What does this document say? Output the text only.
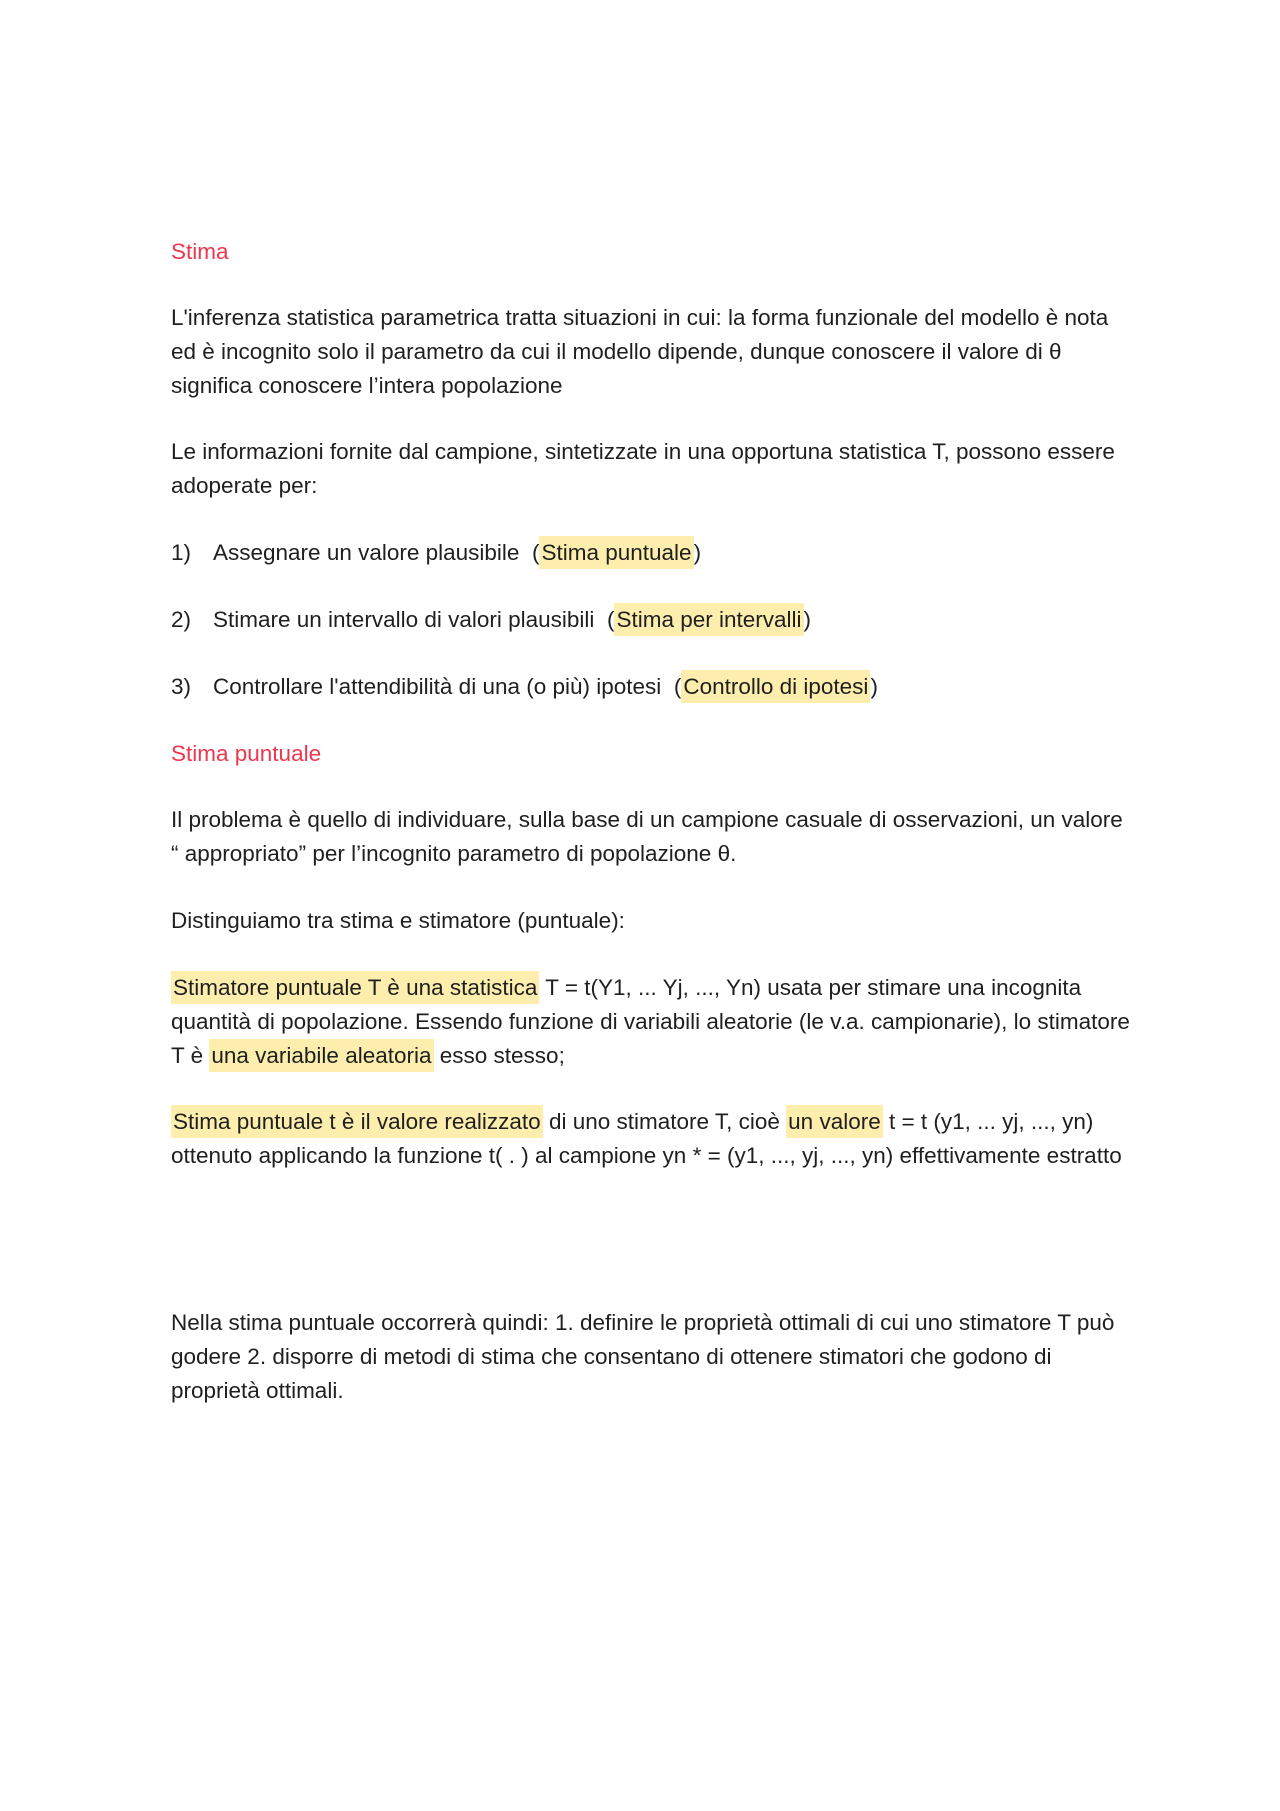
Stima

L'inferenza statistica parametrica tratta situazioni in cui: la forma funzionale del modello è nota ed è incognito solo il parametro da cui il modello dipende, dunque conoscere il valore di θ significa conoscere l’intera popolazione

Le informazioni fornite dal campione, sintetizzate in una opportuna statistica T, possono essere adoperate per:

1) Assegnare un valore plausibile (Stima puntuale)

2) Stimare un intervallo di valori plausibili (Stima per intervalli)

3) Controllare l'attendibilità di una (o più) ipotesi (Controllo di ipotesi)

Stima puntuale

Il problema è quello di individuare, sulla base di un campione casuale di osservazioni, un valore “ appropriato” per l’incognito parametro di popolazione θ.

Distinguiamo tra stima e stimatore (puntuale):

Stimatore puntuale T è una statistica T = t(Y1, ... Yj, ..., Yn) usata per stimare una incognita quantità di popolazione. Essendo funzione di variabili aleatorie (le v.a. campionarie), lo stimatore T è una variabile aleatoria esso stesso;

Stima puntuale t è il valore realizzato di uno stimatore T, cioè un valore t = t (y1, ... yj, ..., yn) ottenuto applicando la funzione t( . ) al campione yn * = (y1, ..., yj, ..., yn) effettivamente estratto

Nella stima puntuale occorrerà quindi: 1. definire le proprietà ottimali di cui uno stimatore T può godere 2. disporre di metodi di stima che consentano di ottenere stimatori che godono di proprietà ottimali.
